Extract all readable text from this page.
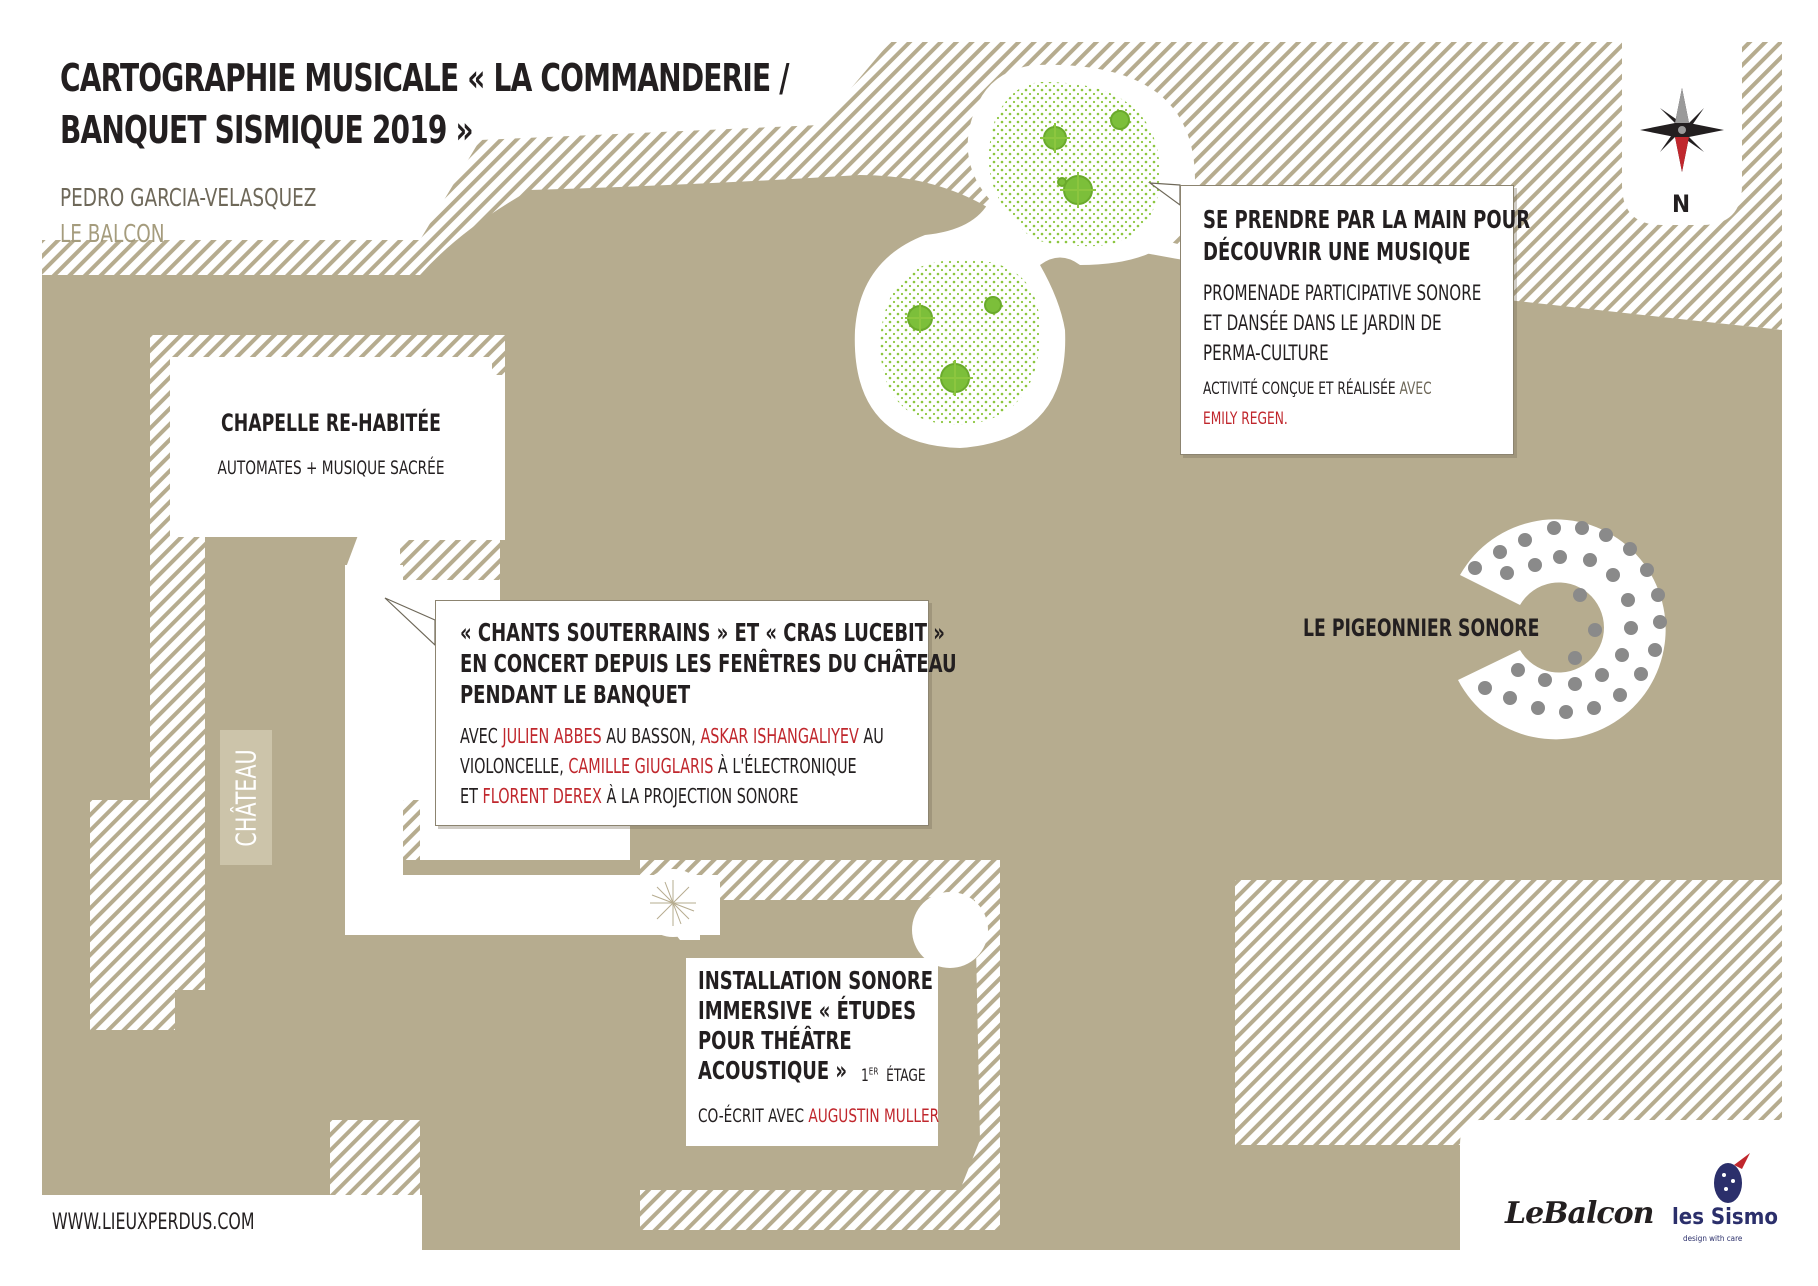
CARTOGRAPHIE MUSICALE « LA COMMANDERIE /
BANQUET SISMIQUE 2019 »
PEDRO GARCIA-VELASQUEZ
LE BALCON
N
CHAPELLE RE-HABITÉE
AUTOMATES + MUSIQUE SACRÉE
CHÂTEAU
SE PRENDRE PAR LA MAIN POUR
DÉCOUVRIR UNE MUSIQUE
PROMENADE PARTICIPATIVE SONORE
ET DANSÉE DANS LE JARDIN DE
PERMA-CULTURE
ACTIVITÉ CONÇUE ET RÉALISÉE AVEC
EMILY REGEN.
LE PIGEONNIER SONORE
« CHANTS SOUTERRAINS » ET « CRAS LUCEBIT »
EN CONCERT DEPUIS LES FENÊTRES DU CHÂTEAU
PENDANT LE BANQUET
AVEC JULIEN ABBES AU BASSON, ASKAR ISHANGALIYEV AU
VIOLONCELLE, CAMILLE GIUGLARIS À L'ÉLECTRONIQUE
ET FLORENT DEREX À LA PROJECTION SONORE
INSTALLATION SONORE
IMMERSIVE « ÉTUDES
POUR THÉÂTRE
ACOUSTIQUE » 1ER ÉTAGE
CO-ÉCRIT AVEC AUGUSTIN MULLER
WWW.LIEUXPERDUS.COM	LeBalcon les Sismo
design with care
